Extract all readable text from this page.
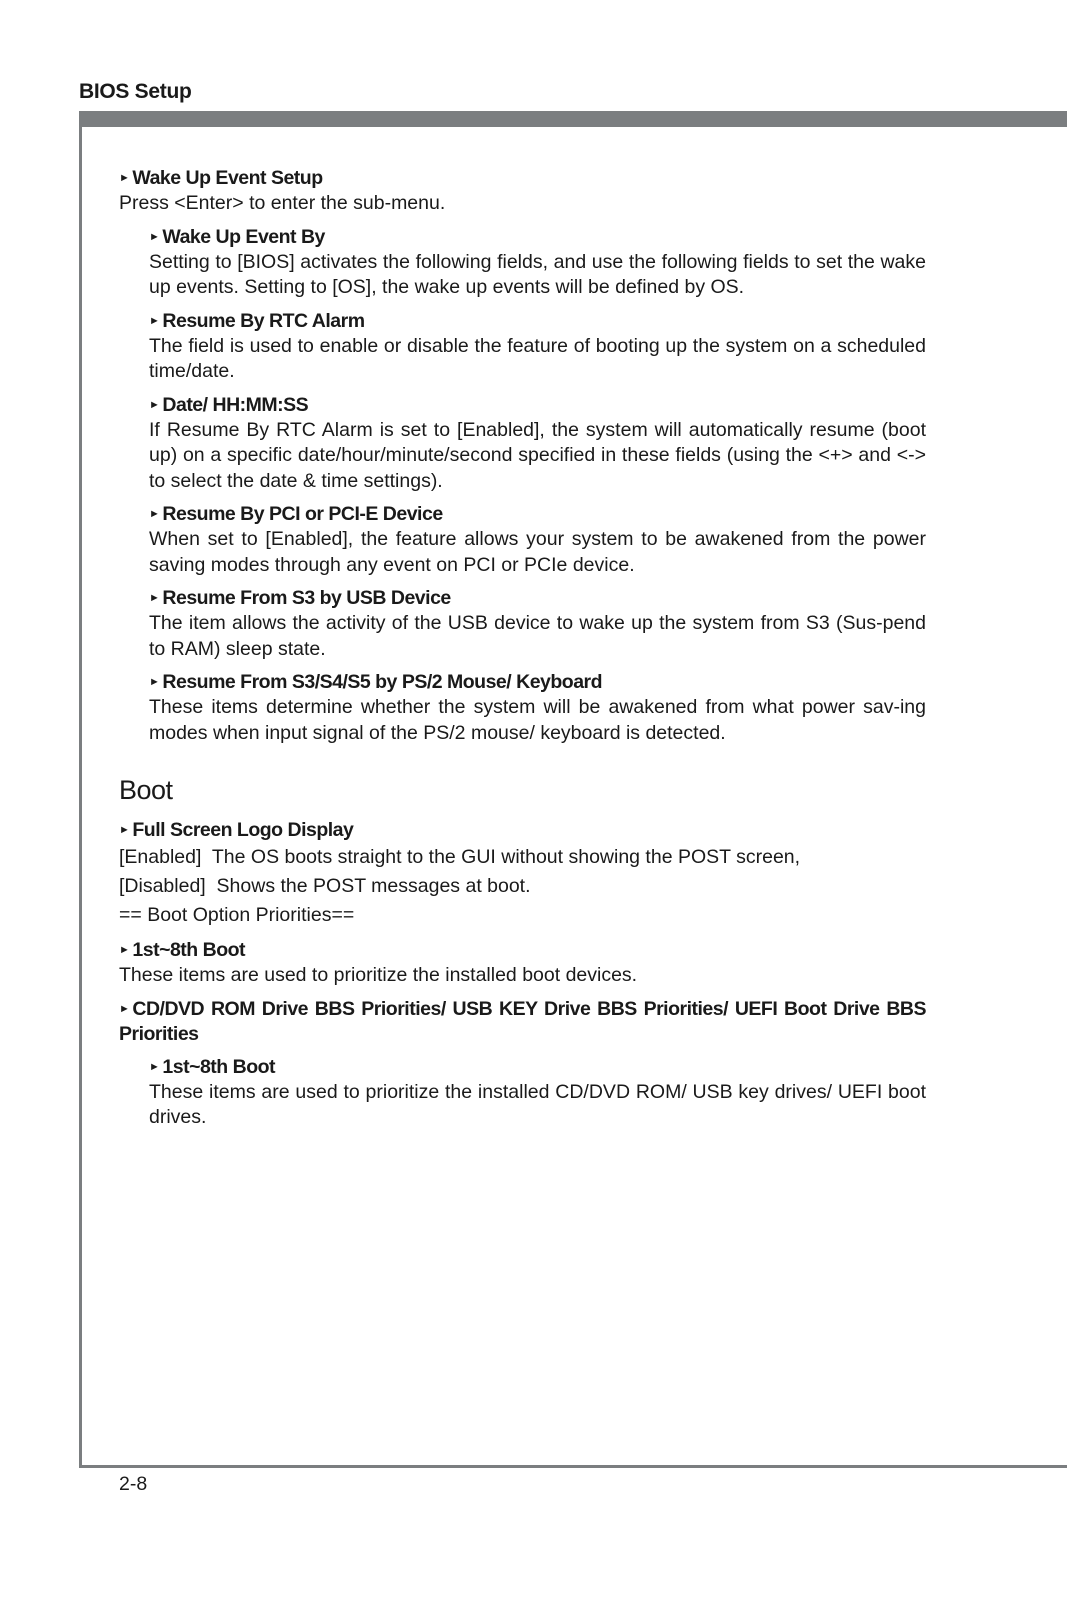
BIOS Setup
► Wake Up Event Setup
Press <Enter> to enter the sub-menu.
► Wake Up Event By
Setting to [BIOS] activates the following fields, and use the following fields to set the wake up events. Setting to [OS], the wake up events will be defined by OS.
► Resume By RTC Alarm
The field is used to enable or disable the feature of booting up the system on a scheduled time/date.
► Date/ HH:MM:SS
If Resume By RTC Alarm is set to [Enabled], the system will automatically resume (boot up) on a specific date/hour/minute/second specified in these fields (using the <+> and <-> to select the date & time settings).
► Resume By PCI or PCI-E Device
When set to [Enabled], the feature allows your system to be awakened from the power saving modes through any event on PCI or PCIe device.
► Resume From S3 by USB Device
The item allows the activity of the USB device to wake up the system from S3 (Sus-pend to RAM) sleep state.
► Resume From S3/S4/S5 by PS/2 Mouse/ Keyboard
These items determine whether the system will be awakened from what power sav-ing modes when input signal of the PS/2 mouse/ keyboard is detected.
Boot
► Full Screen Logo Display
[Enabled]  The OS boots straight to the GUI without showing the POST screen,
[Disabled]  Shows the POST messages at boot.
== Boot Option Priorities==
► 1st~8th Boot
These items are used to prioritize the installed boot devices.
► CD/DVD ROM Drive BBS Priorities/ USB KEY Drive BBS Priorities/ UEFI Boot Drive BBS Priorities
► 1st~8th Boot
These items are used to prioritize the installed CD/DVD ROM/ USB key drives/ UEFI boot drives.
2-8
